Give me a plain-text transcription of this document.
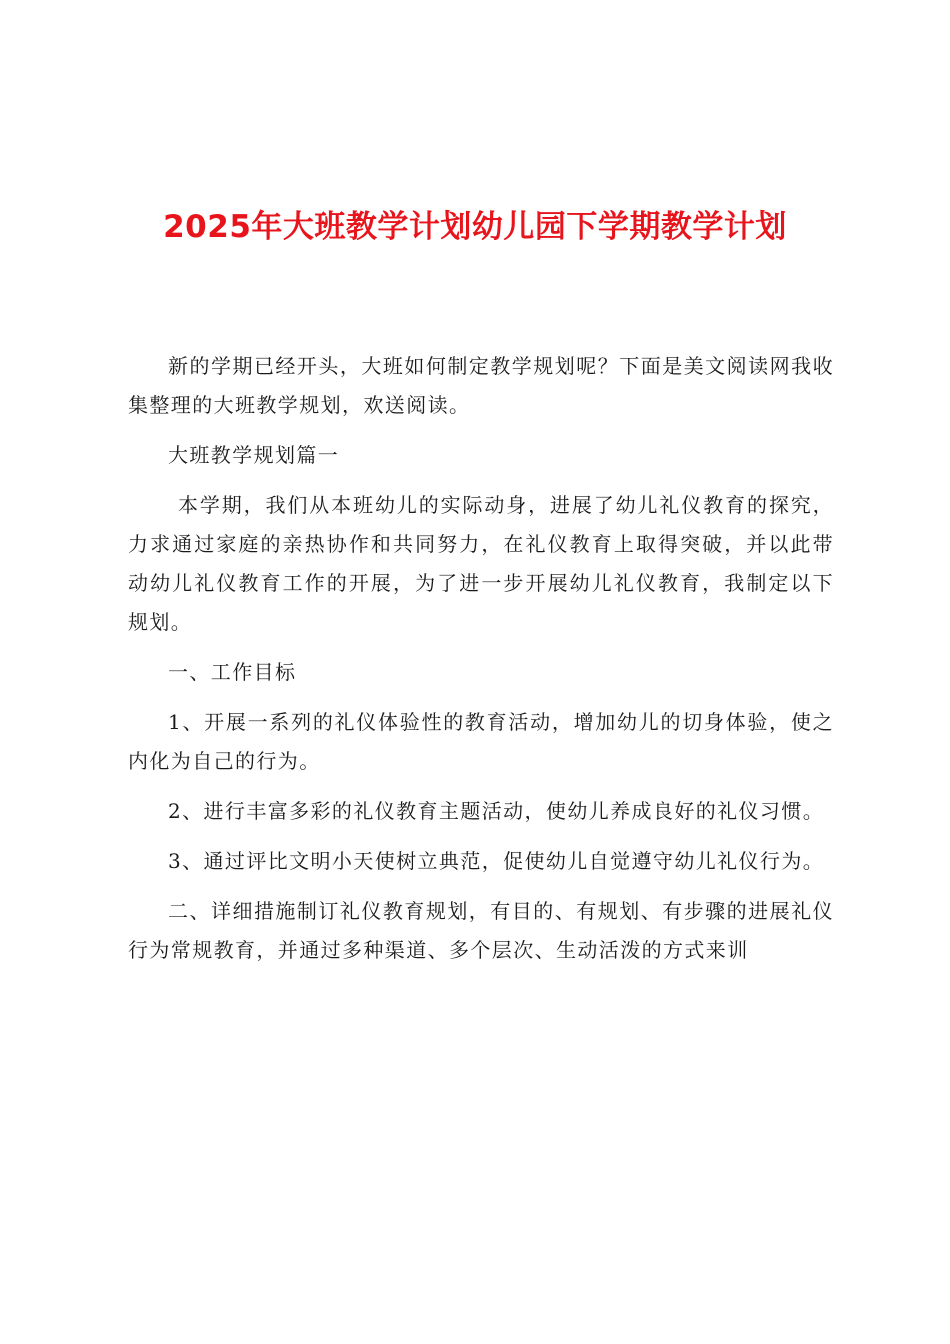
2025年大班教学计划幼儿园下学期教学计划

新的学期已经开头，大班如何制定教学规划呢？下面是美文阅读网我收集整理的大班教学规划，欢送阅读。

大班教学规划篇一

本学期，我们从本班幼儿的实际动身，进展了幼儿礼仪教育的探究，力求通过家庭的亲热协作和共同努力，在礼仪教育上取得突破，并以此带动幼儿礼仪教育工作的开展，为了进一步开展幼儿礼仪教育，我制定以下规划。

一、工作目标

1、开展一系列的礼仪体验性的教育活动，增加幼儿的切身体验，使之内化为自己的行为。

2、进行丰富多彩的礼仪教育主题活动，使幼儿养成良好的礼仪习惯。

3、通过评比文明小天使树立典范，促使幼儿自觉遵守幼儿礼仪行为。

二、详细措施制订礼仪教育规划，有目的、有规划、有步骤的进展礼仪行为常规教育，并通过多种渠道、多个层次、生动活泼的方式来训
